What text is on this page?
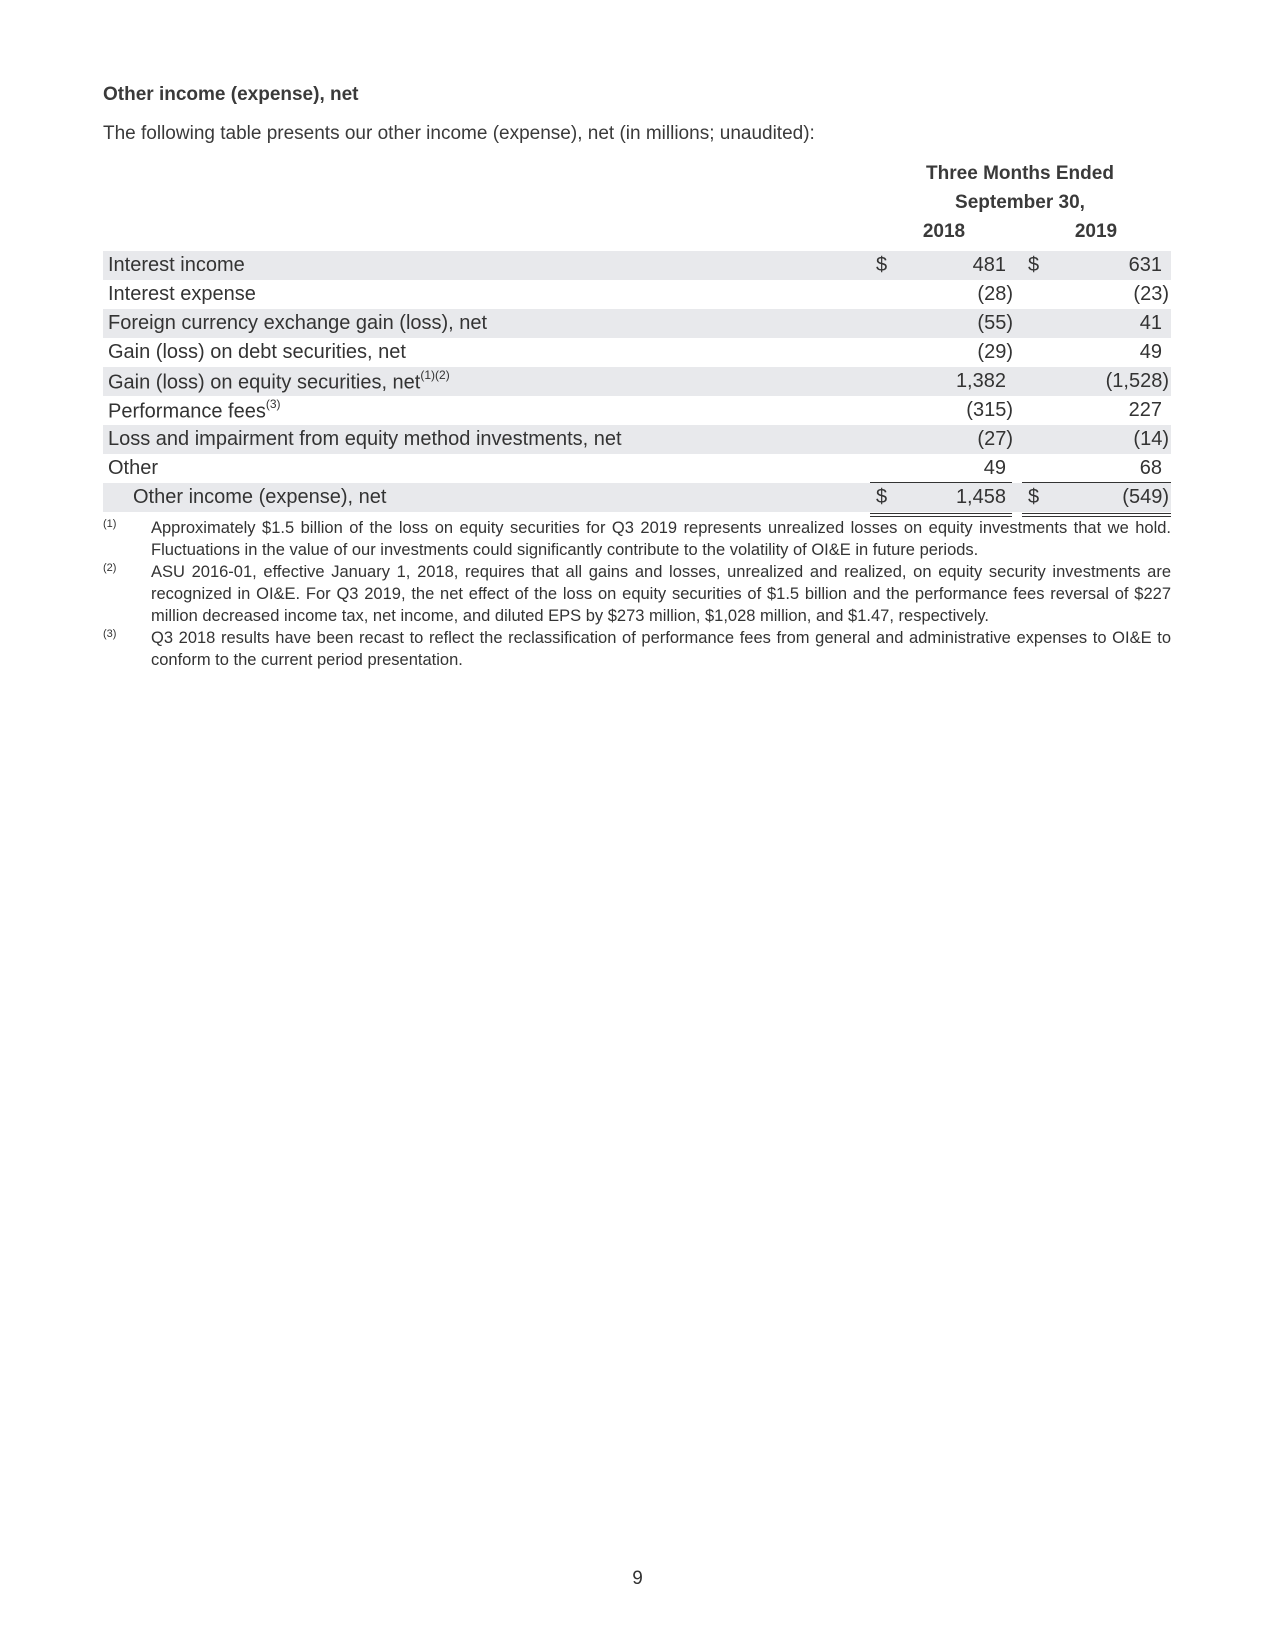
Other income (expense), net
The following table presents our other income (expense), net (in millions; unaudited):
Three Months Ended
September 30,
2018	2019
Interest income	$	481 $	631
Interest expense	(28)	(23)
Foreign currency exchange gain (loss), net	(55)	41
Gain (loss) on debt securities, net	(29)	49
Gain (loss) on equity securities, net$^{(1)(2)}$	1,382	(1,528)
Performance fees$^{(3)}$	(315)	227
Loss and impairment from equity method investments, net	(27)	(14)
Other	49	68
Other income (expense), net	$	1,458 $	(549)

(1) Approximately $1.5 billion of the loss on equity securities for Q3 2019 represents unrealized losses on equity investments that we hold. Fluctuations in the value of our investments could significantly contribute to the volatility of OI&E in future periods.

(2) ASU 2016-01, effective January 1, 2018, requires that all gains and losses, unrealized and realized, on equity security investments are recognized in OI&E. For Q3 2019, the net effect of the loss on equity securities of $1.5 billion and the performance fees reversal of $227 million decreased income tax, net income, and diluted EPS by $273 million, $1,028 million, and $1.47, respectively.

(3) Q3 2018 results have been recast to reflect the reclassification of performance fees from general and administrative expenses to OI&E to conform to the current period presentation.

9
